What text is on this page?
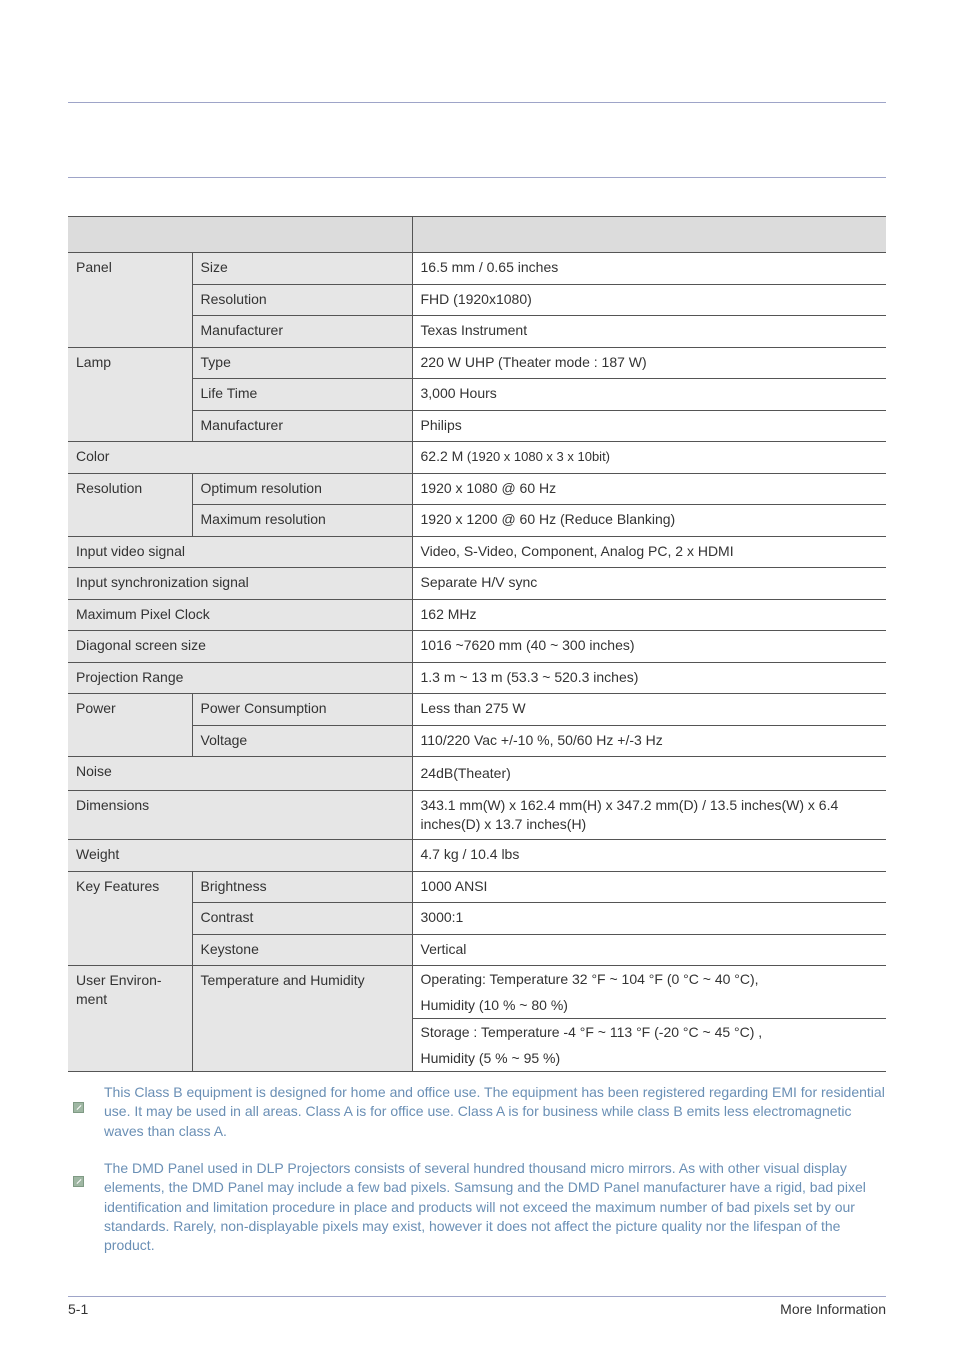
Panel	Size	16.5 mm / 0.65 inches
	Resolution	FHD (1920x1080)
	Manufacturer	Texas Instrument
Lamp	Type	220 W UHP (Theater mode : 187 W)
	Life Time	3,000 Hours
	Manufacturer	Philips
Color		62.2 M (1920 x 1080 x 3 x 10bit)
Resolution	Optimum resolution	1920 x 1080 @ 60 Hz
	Maximum resolution	1920 x 1200 @ 60 Hz (Reduce Blanking)
Input video signal		Video, S-Video, Component, Analog PC, 2 x HDMI
Input synchronization signal		Separate H/V sync
Maximum Pixel Clock		162 MHz
Diagonal screen size		1016 ~7620 mm (40 ~ 300 inches)
Projection Range		1.3 m ~ 13 m (53.3 ~ 520.3 inches)
Power	Power Consumption	Less than 275 W
	Voltage	110/220 Vac +/-10 %, 50/60 Hz +/-3 Hz
Noise		24dB(Theater)
Dimensions		343.1 mm(W) x 162.4 mm(H) x 347.2 mm(D) / 13.5 inches(W) x 6.4 inches(D) x 13.7 inches(H)
Weight		4.7 kg / 10.4 lbs
Key Features	Brightness	1000 ANSI
	Contrast	3000:1
	Keystone	Vertical
User Environ-
ment	Temperature and Humidity	Operating: Temperature 32 °F ~ 104 °F (0 °C ~ 40 °C),
Humidity (10 % ~ 80 %)
		Storage : Temperature -4 °F ~ 113 °F (-20 °C ~ 45 °C) ,
Humidity (5 % ~ 95 %)
This Class B equipment is designed for home and office use. The equipment has been registered regarding EMI for residential use. It may be used in all areas. Class A is for office use. Class A is for business while class B emits less electromagnetic waves than class A.
The DMD Panel used in DLP Projectors consists of several hundred thousand micro mirrors. As with other visual display elements, the DMD Panel may include a few bad pixels. Samsung and the DMD Panel manufacturer have a rigid, bad pixel identification and limitation procedure in place and products will not exceed the maximum number of bad pixels set by our standards. Rarely, non-displayable pixels may exist, however it does not affect the picture quality nor the lifespan of the product.
5-1	More Information
